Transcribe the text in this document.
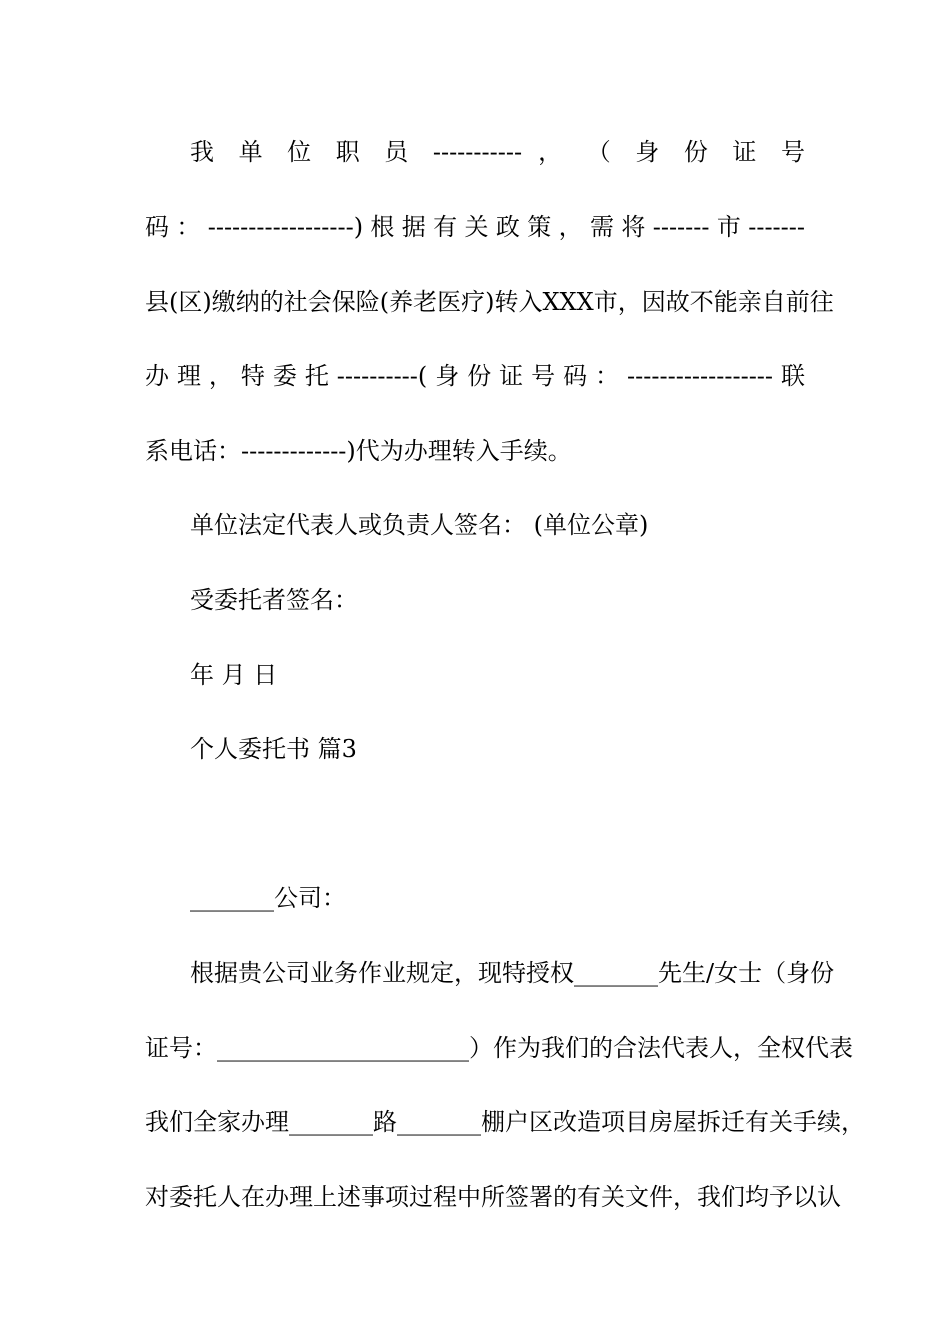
我 单 位 职 员 ----------- ， （ 身 份 证 号
码：------------------)根据有关政策，需将-------市-------
县(区)缴纳的社会保险(养老医疗)转入XXX市，因故不能亲自前往
办理，特委托----------(身份证号码：------------------联
系电话：-------------)代为办理转入手续。
单位法定代表人或负责人签名： (单位公章)
受委托者签名：
年 月 日
个人委托书 篇3
_______公司：
根据贵公司业务作业规定，现特授权_______先生/女士（身份
证号：_____________________）作为我们的合法代表人，全权代表
我们全家办理_______路_______棚户区改造项目房屋拆迁有关手续，
对委托人在办理上述事项过程中所签署的有关文件，我们均予以认
